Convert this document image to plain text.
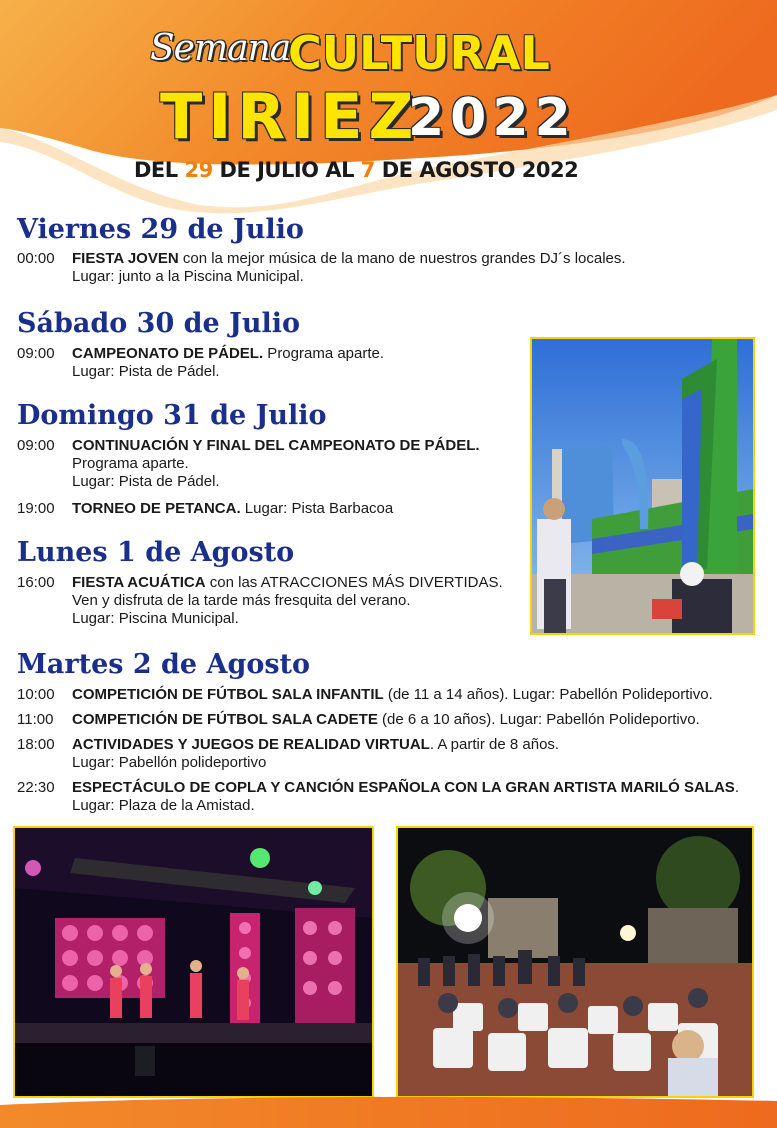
Semana
CULTURAL
TIRIEZ
2022
DEL 29 DE JULIO AL 7 DE AGOSTO 2022
Viernes 29 de Julio
00:00 FIESTA JOVEN con la mejor música de la mano de nuestros grandes DJ´s locales.
Lugar: junto a la Piscina Municipal.
Sábado 30 de Julio
09:00 CAMPEONATO DE PÁDEL. Programa aparte.
Lugar: Pista de Pádel.
Domingo 31 de Julio
09:00 CONTINUACIÓN Y FINAL DEL CAMPEONATO DE PÁDEL.
Programa aparte.
Lugar: Pista de Pádel.
19:00 TORNEO DE PETANCA. Lugar: Pista Barbacoa
Lunes 1 de Agosto
16:00 FIESTA ACUÁTICA con las ATRACCIONES MÁS DIVERTIDAS.
Ven y disfruta de la tarde más fresquita del verano.
Lugar: Piscina Municipal.
Martes 2 de Agosto
10:00 COMPETICIÓN DE FÚTBOL SALA INFANTIL (de 11 a 14 años). Lugar: Pabellón Polideportivo.
11:00 COMPETICIÓN DE FÚTBOL SALA CADETE (de 6 a 10 años). Lugar: Pabellón Polideportivo.
18:00 ACTIVIDADES Y JUEGOS DE REALIDAD VIRTUAL. A partir de 8 años.
Lugar: Pabellón polideportivo
22:30 ESPECTÁCULO DE COPLA Y CANCIÓN ESPAÑOLA CON LA GRAN ARTISTA MARILÓ SALAS.
Lugar: Plaza de la Amistad.
